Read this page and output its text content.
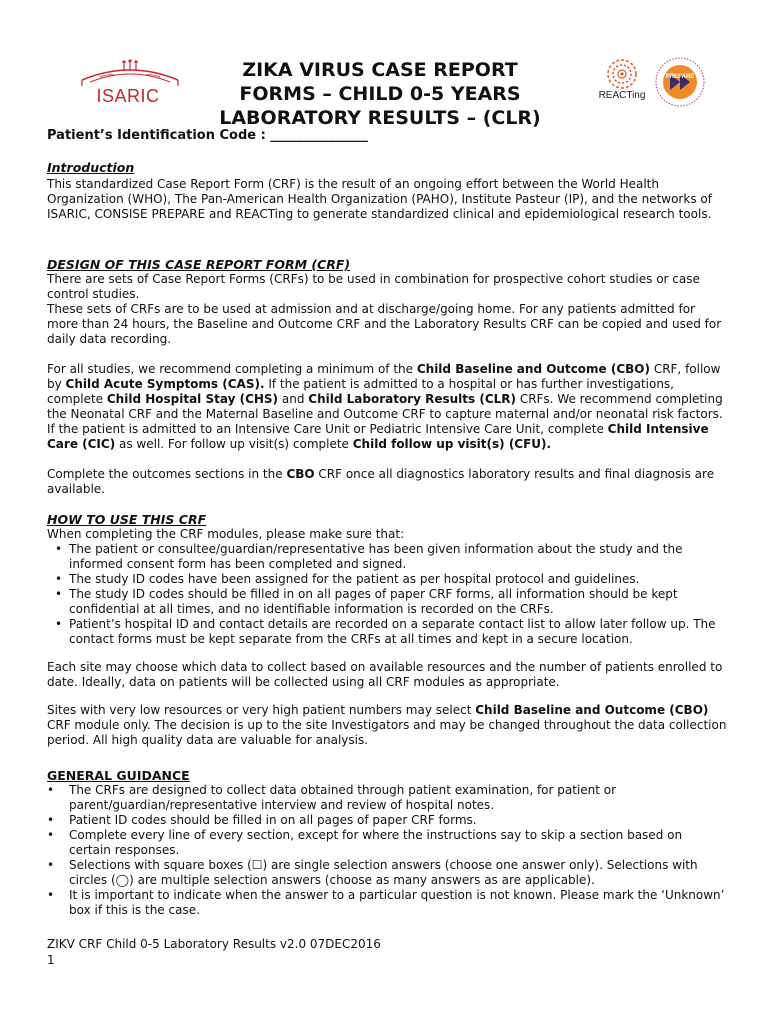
ISARIC
ZIKA VIRUS CASE REPORT
FORMS – CHILD 0-5 YEARS
LABORATORY RESULTS – (CLR)
REACTing
PREPARE
Patient’s Identification Code : _______________

Introduction

This standardized Case Report Form (CRF) is the result of an ongoing effort between the World Health Organization (WHO), The Pan-American Health Organization (PAHO), Institute Pasteur (IP), and the networks of ISARIC, CONSISE PREPARE and REACTing to generate standardized clinical and epidemiological research tools.

DESIGN OF THIS CASE REPORT FORM (CRF)

There are sets of Case Report Forms (CRFs) to be used in combination for prospective cohort studies or case control studies.

These sets of CRFs are to be used at admission and at discharge/going home. For any patients admitted for more than 24 hours, the Baseline and Outcome CRF and the Laboratory Results CRF can be copied and used for daily data recording.

For all studies, we recommend completing a minimum of the Child Baseline and Outcome (CBO) CRF, follow by Child Acute Symptoms (CAS). If the patient is admitted to a hospital or has further investigations, complete Child Hospital Stay (CHS) and Child Laboratory Results (CLR) CRFs. We recommend completing the Neonatal CRF and the Maternal Baseline and Outcome CRF to capture maternal and/or neonatal risk factors. If the patient is admitted to an Intensive Care Unit or Pediatric Intensive Care Unit, complete Child Intensive Care (CIC) as well. For follow up visit(s) complete Child follow up visit(s) (CFU).

Complete the outcomes sections in the CBO CRF once all diagnostics laboratory results and final diagnosis are available.

HOW TO USE THIS CRF

When completing the CRF modules, please make sure that:

• The patient or consultee/guardian/representative has been given information about the study and the informed consent form has been completed and signed.
• The study ID codes have been assigned for the patient as per hospital protocol and guidelines.
• The study ID codes should be filled in on all pages of paper CRF forms, all information should be kept confidential at all times, and no identifiable information is recorded on the CRFs.
• Patient’s hospital ID and contact details are recorded on a separate contact list to allow later follow up. The contact forms must be kept separate from the CRFs at all times and kept in a secure location.

Each site may choose which data to collect based on available resources and the number of patients enrolled to date. Ideally, data on patients will be collected using all CRF modules as appropriate.

Sites with very low resources or very high patient numbers may select Child Baseline and Outcome (CBO) CRF module only. The decision is up to the site Investigators and may be changed throughout the data collection period. All high quality data are valuable for analysis.

GENERAL GUIDANCE

• The CRFs are designed to collect data obtained through patient examination, for patient or parent/guardian/representative interview and review of hospital notes.
• Patient ID codes should be filled in on all pages of paper CRF forms.
• Complete every line of every section, except for where the instructions say to skip a section based on certain responses.
• Selections with square boxes (☐) are single selection answers (choose one answer only). Selections with circles (◯) are multiple selection answers (choose as many answers as are applicable).
• It is important to indicate when the answer to a particular question is not known. Please mark the ‘Unknown’ box if this is the case.
ZIKV CRF Child 0-5 Laboratory Results v2.0 07DEC2016
1
